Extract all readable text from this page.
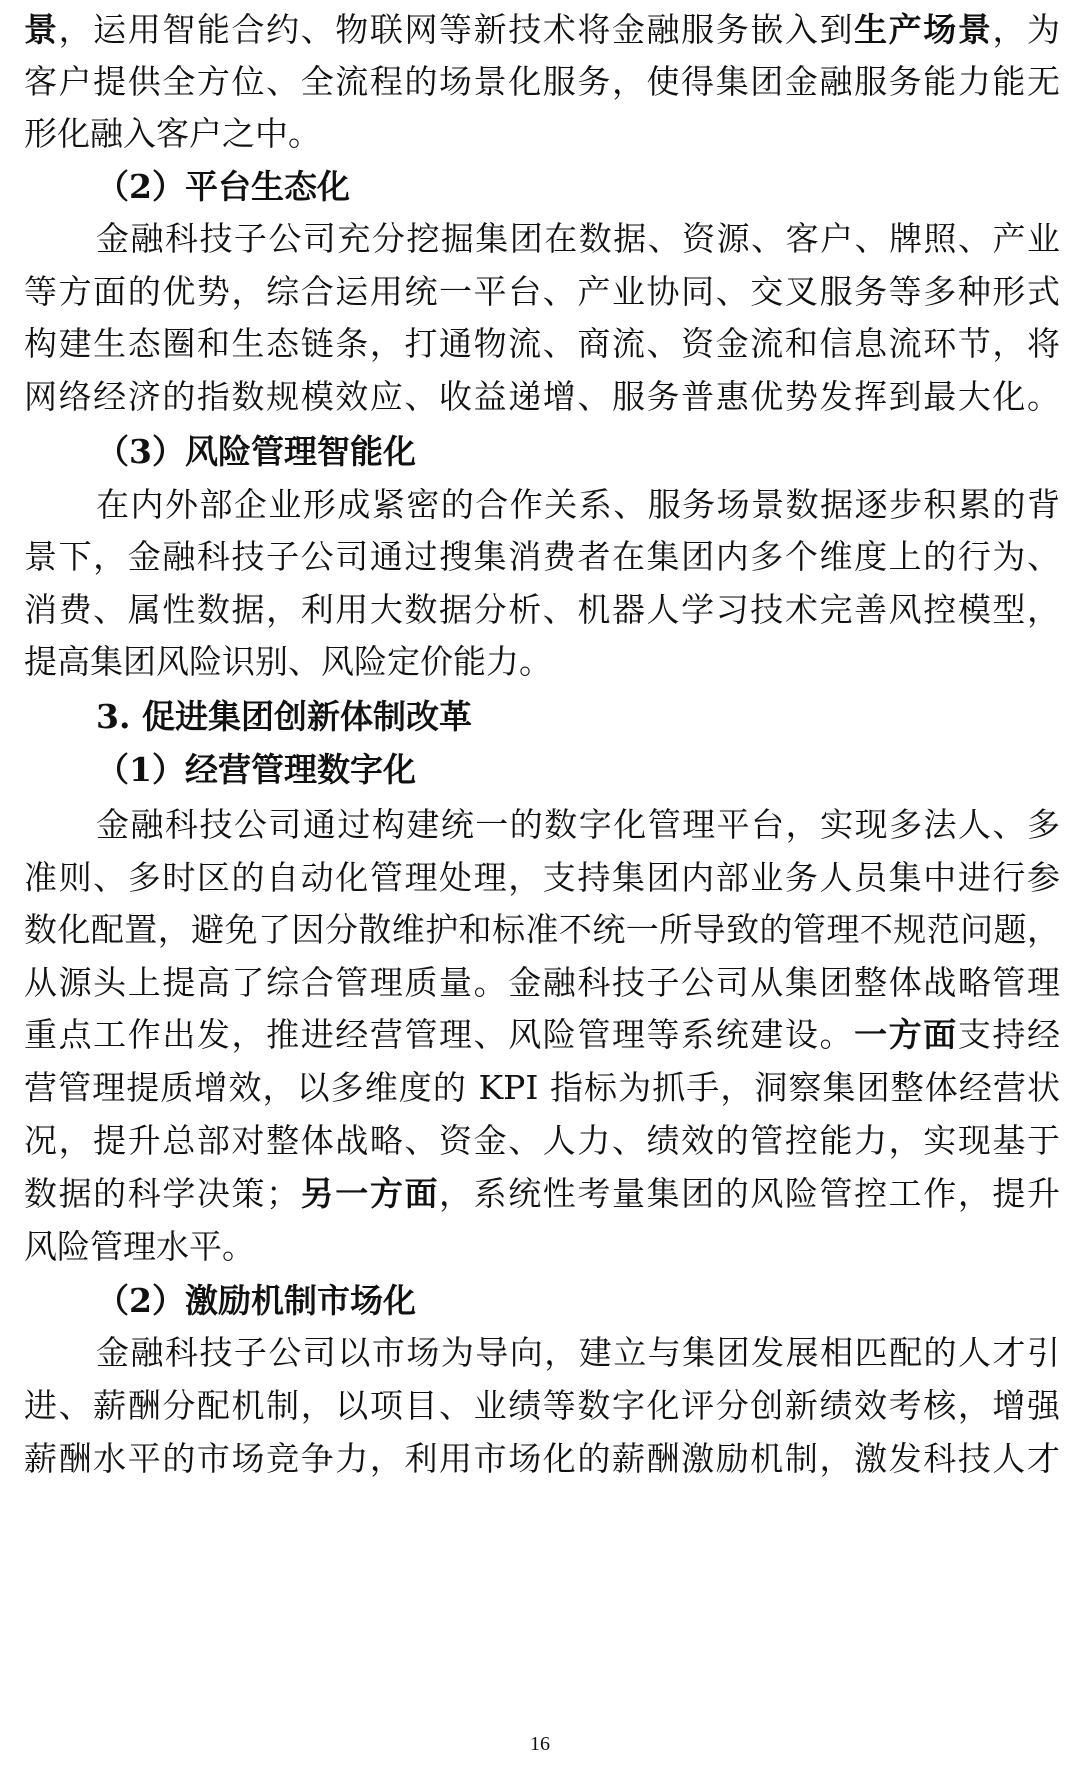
景，运用智能合约、物联网等新技术将金融服务嵌入到生产场景，为
客户提供全方位、全流程的场景化服务，使得集团金融服务能力能无
形化融入客户之中。
（2）平台生态化
金融科技子公司充分挖掘集团在数据、资源、客户、牌照、产业
等方面的优势，综合运用统一平台、产业协同、交叉服务等多种形式
构建生态圈和生态链条，打通物流、商流、资金流和信息流环节，将
网络经济的指数规模效应、收益递增、服务普惠优势发挥到最大化。
（3）风险管理智能化
在内外部企业形成紧密的合作关系、服务场景数据逐步积累的背
景下，金融科技子公司通过搜集消费者在集团内多个维度上的行为、
消费、属性数据，利用大数据分析、机器人学习技术完善风控模型，
提高集团风险识别、风险定价能力。
3. 促进集团创新体制改革
（1）经营管理数字化
金融科技公司通过构建统一的数字化管理平台，实现多法人、多
准则、多时区的自动化管理处理，支持集团内部业务人员集中进行参
数化配置，避免了因分散维护和标准不统一所导致的管理不规范问题，
从源头上提高了综合管理质量。金融科技子公司从集团整体战略管理
重点工作出发，推进经营管理、风险管理等系统建设。一方面支持经
营管理提质增效，以多维度的 KPI 指标为抓手，洞察集团整体经营状
况，提升总部对整体战略、资金、人力、绩效的管控能力，实现基于
数据的科学决策；另一方面，系统性考量集团的风险管控工作，提升
风险管理水平。
（2）激励机制市场化
金融科技子公司以市场为导向，建立与集团发展相匹配的人才引
进、薪酬分配机制，以项目、业绩等数字化评分创新绩效考核，增强
薪酬水平的市场竞争力，利用市场化的薪酬激励机制，激发科技人才
16
